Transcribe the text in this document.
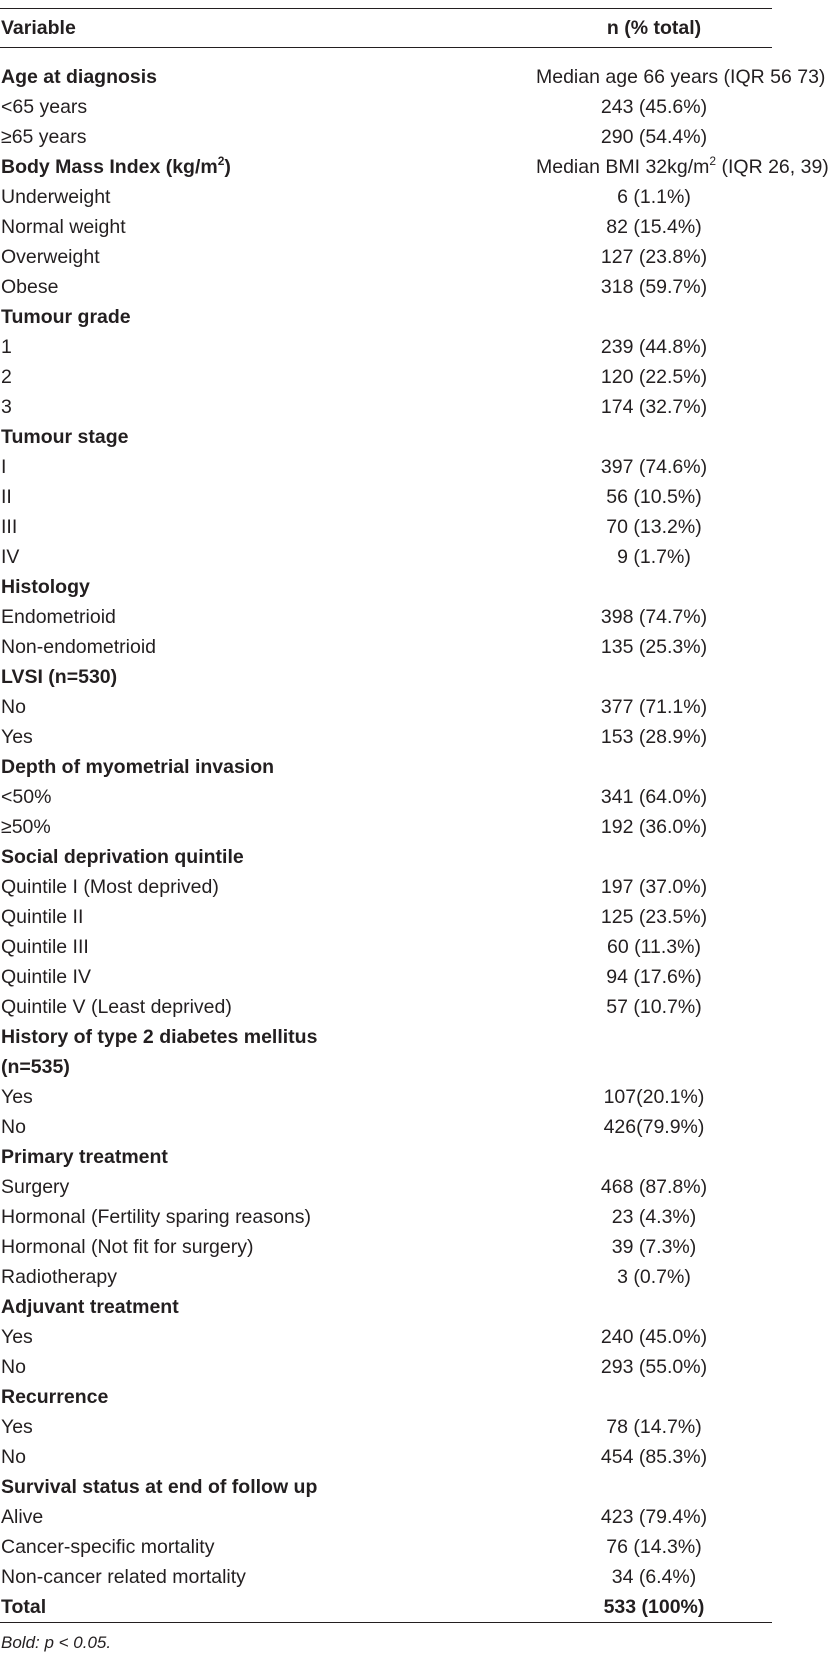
Variable	n (% total)
Age at diagnosis	Median age 66 years (IQR 56 73)
<65 years	243 (45.6%)
≥65 years	290 (54.4%)
Body Mass Index $(kg/m^2)$	Median BMI $32kg/m^2$ (IQR 26, 39)
Underweight	6 (1.1%)
Normal weight	82 (15.4%)
Overweight	127 (23.8%)
Obese	318 (59.7%)
Tumour grade	
1	239 (44.8%)
2	120 (22.5%)
3	174 (32.7%)
Tumour stage	
I	397 (74.6%)
II	56 (10.5%)
III	70 (13.2%)
IV	9 (1.7%)
Histology	
Endometrioid	398 (74.7%)
Non-endometrioid	135 (25.3%)
LVSI (n=530)	
No	377 (71.1%)
Yes	153 (28.9%)
Depth of myometrial invasion	
<50%	341 (64.0%)
≥50%	192 (36.0%)
Social deprivation quintile	
Quintile I (Most deprived)	197 (37.0%)
Quintile II	125 (23.5%)
Quintile III	60 (11.3%)
Quintile IV	94 (17.6%)
Quintile V (Least deprived)	57 (10.7%)
History of type 2 diabetes mellitus (n=535)	
Yes	107(20.1%)
No	426(79.9%)
Primary treatment	
Surgery	468 (87.8%)
Hormonal (Fertility sparing reasons)	23 (4.3%)
Hormonal (Not fit for surgery)	39 (7.3%)
Radiotherapy	3 (0.7%)
Adjuvant treatment	
Yes	240 (45.0%)
No	293 (55.0%)
Recurrence	
Yes	78 (14.7%)
No	454 (85.3%)
Survival status at end of follow up	
Alive	423 (79.4%)
Cancer-specific mortality	76 (14.3%)
Non-cancer related mortality	34 (6.4%)
Total	533 (100%)
Bold: p < 0.05.
